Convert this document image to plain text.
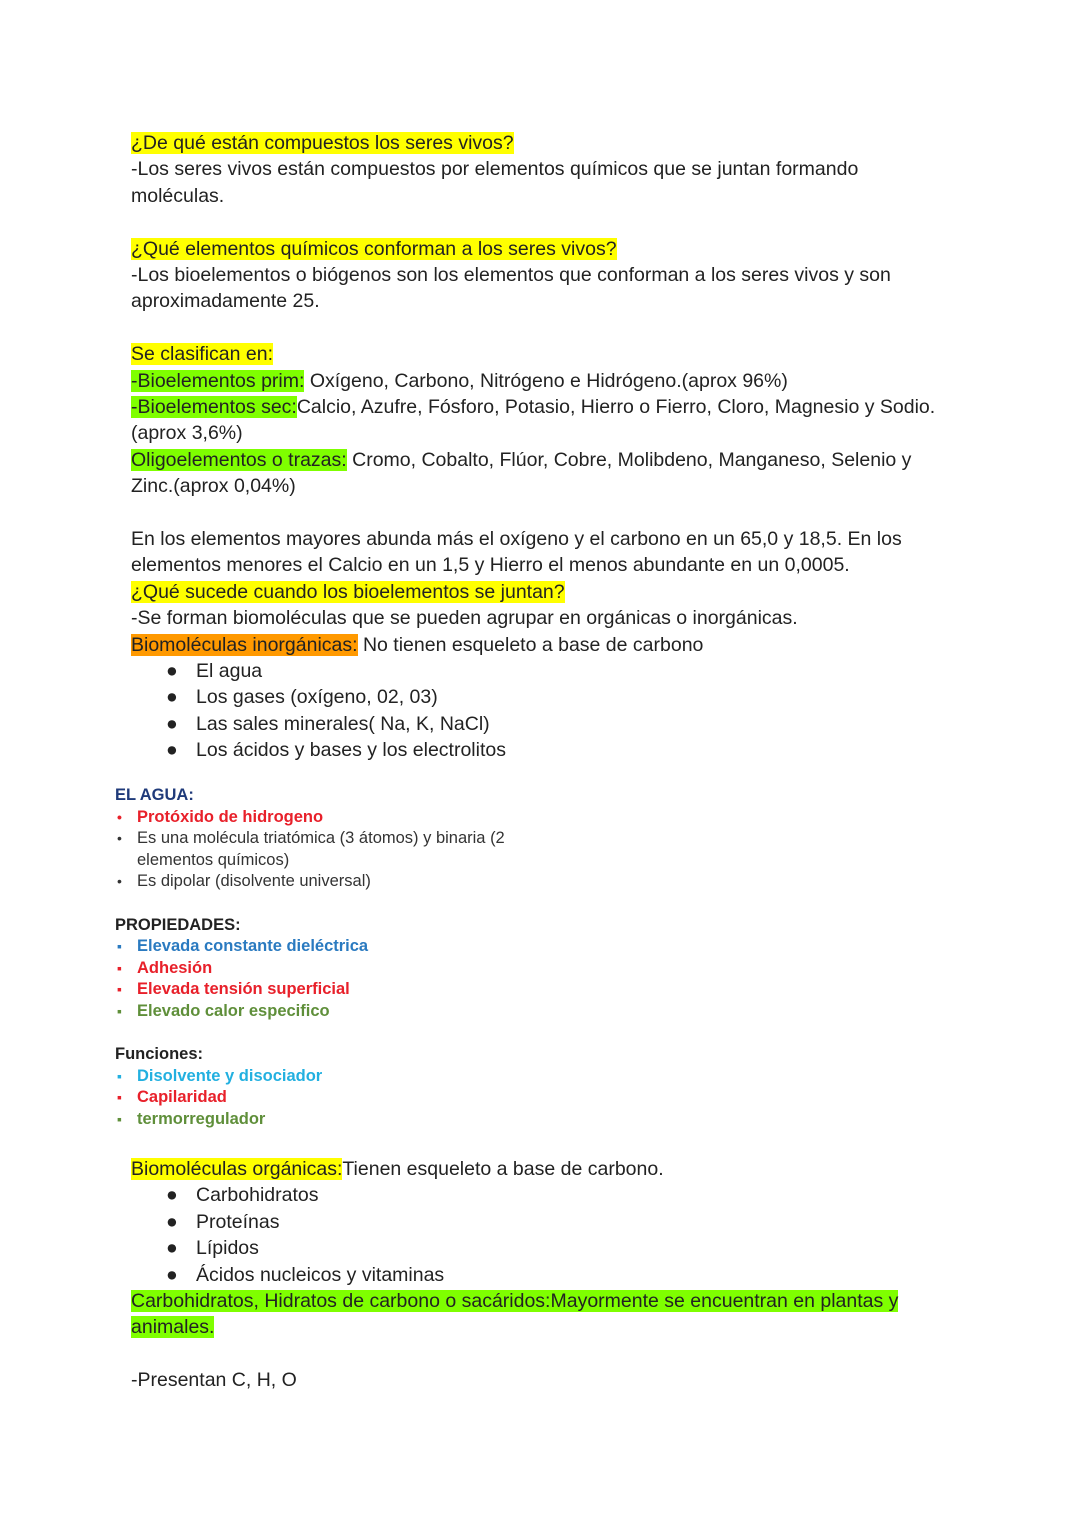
¿De qué están compuestos los seres vivos?

-Los seres vivos están compuestos por elementos químicos que se juntan formando moléculas.

¿Qué elementos químicos conforman a los seres vivos?

-Los bioelementos o biógenos son los elementos que conforman a los seres vivos y son aproximadamente 25.

Se clasifican en:

-Bioelementos prim: Oxígeno, Carbono, Nitrógeno e Hidrógeno.(aprox 96%)

-Bioelementos sec:Calcio, Azufre, Fósforo, Potasio, Hierro o Fierro, Cloro, Magnesio y Sodio.(aprox 3,6%)

Oligoelementos o trazas: Cromo, Cobalto, Flúor, Cobre, Molibdeno, Manganeso, Selenio y Zinc.(aprox 0,04%)

En los elementos mayores abunda más el oxígeno y el carbono en un 65,0 y 18,5. En los elementos menores el Calcio en un 1,5 y Hierro el menos abundante en un 0,0005.

¿Qué sucede cuando los bioelementos se juntan?

-Se forman biomoléculas que se pueden agrupar en orgánicas o inorgánicas.

Biomoléculas inorgánicas: No tienen esqueleto a base de carbono

● El agua
● Los gases (oxígeno, 02, 03)
● Las sales minerales( Na, K, NaCl)
● Los ácidos y bases y los electrolitos
EL AGUA:
• Protóxido de hidrogeno
• Es una molécula triatómica (3 átomos) y binaria (2 elementos químicos)
• Es dipolar (disolvente universal)
PROPIEDADES:
▪ Elevada constante dieléctrica
▪ Adhesión
▪ Elevada tensión superficial
▪ Elevado calor especifico
Funciones:
▪ Disolvente y disociador
▪ Capilaridad
▪ termorregulador

Biomoléculas orgánicas:Tienen esqueleto a base de carbono.

● Carbohidratos
● Proteínas
● Lípidos
● Ácidos nucleicos y vitaminas

Carbohidratos, Hidratos de carbono o sacáridos:Mayormente se encuentran en plantas y animales.

-Presentan C, H, O
